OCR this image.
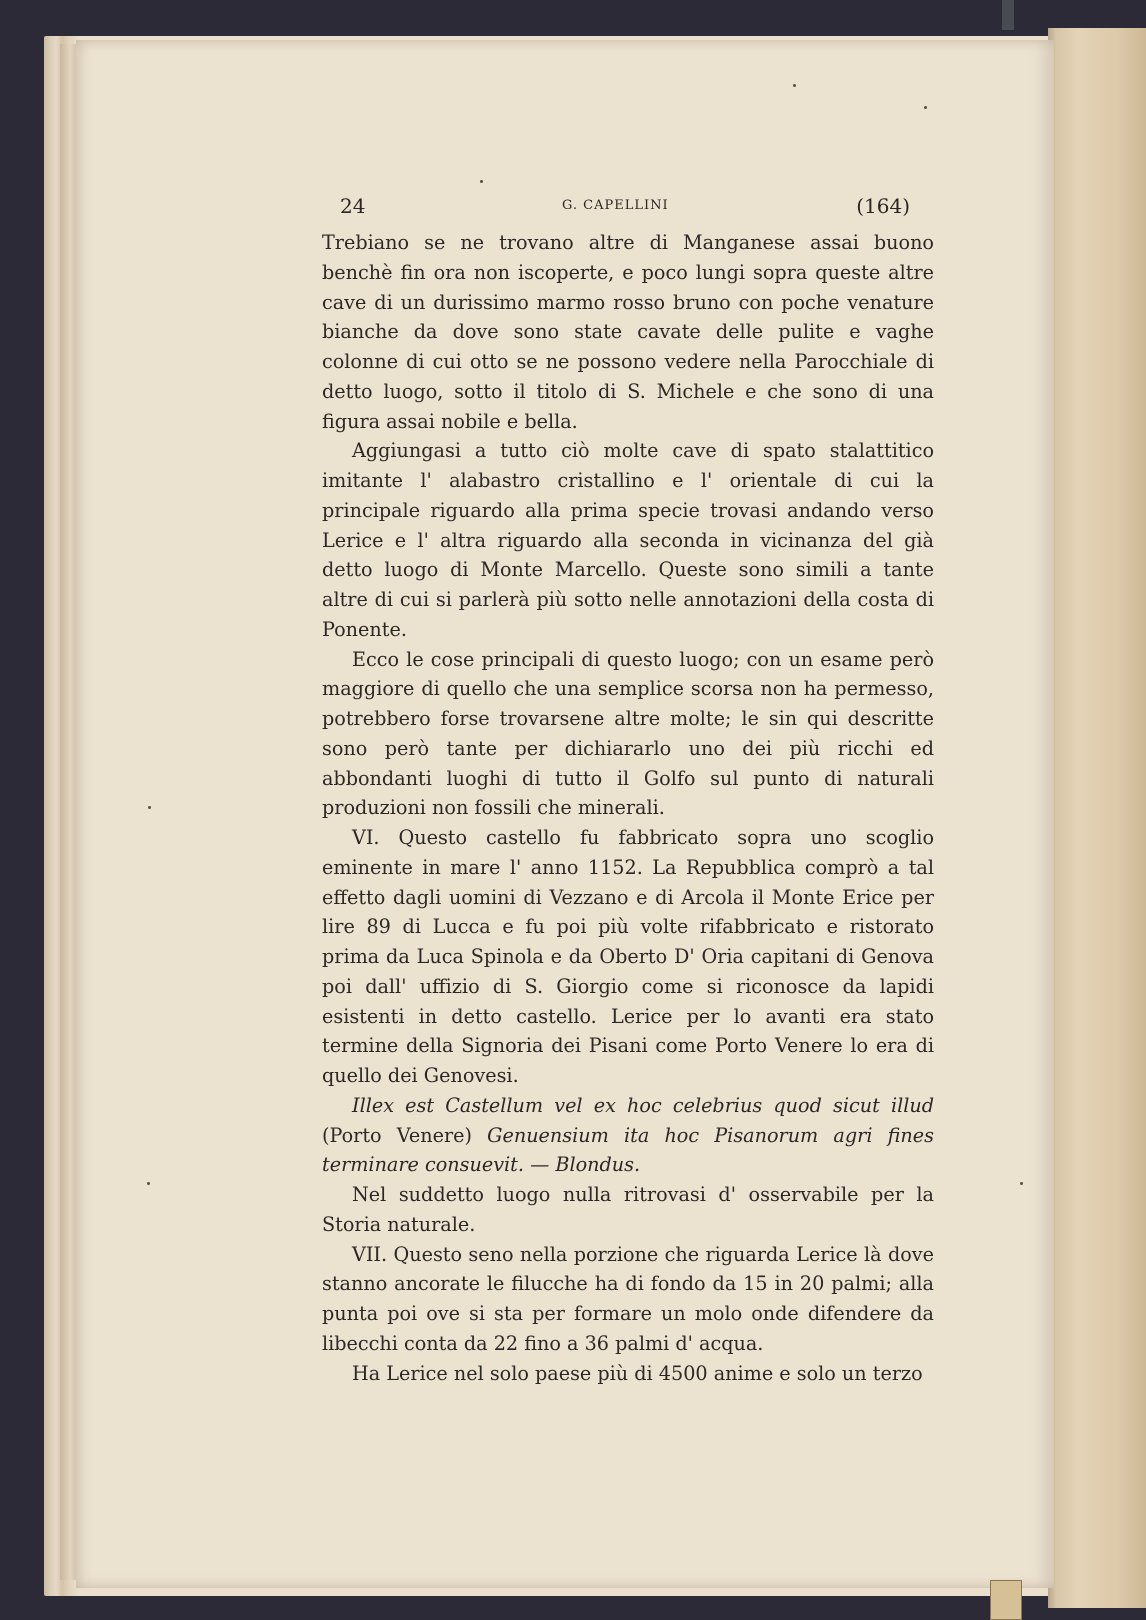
24	G. CAPELLINI	(164)

Trebiano se ne trovano altre di Manganese assai buono benchè fin ora non iscoperte, e poco lungi sopra queste altre cave di un durissimo marmo rosso bruno con poche venature bianche da dove sono state cavate delle pulite e vaghe colonne di cui otto se ne possono vedere nella Parocchiale di detto luogo, sotto il titolo di S. Michele e che sono di una figura assai nobile e bella.

Aggiungasi a tutto ciò molte cave di spato stalattitico imitante l' alabastro cristallino e l' orientale di cui la principale riguardo alla prima specie trovasi andando verso Lerice e l' altra riguardo alla seconda in vicinanza del già detto luogo di Monte Marcello. Queste sono simili a tante altre di cui si parlerà più sotto nelle annotazioni della costa di Ponente.

Ecco le cose principali di questo luogo; con un esame però maggiore di quello che una semplice scorsa non ha permesso, potrebbero forse trovarsene altre molte; le sin qui descritte sono però tante per dichiararlo uno dei più ricchi ed abbondanti luoghi di tutto il Golfo sul punto di naturali produzioni non fossili che minerali.

VI. Questo castello fu fabbricato sopra uno scoglio eminente in mare l' anno 1152. La Repubblica comprò a tal effetto dagli uomini di Vezzano e di Arcola il Monte Erice per lire 89 di Lucca e fu poi più volte rifabbricato e ristorato prima da Luca Spinola e da Oberto D' Oria capitani di Genova poi dall' uffizio di S. Giorgio come si riconosce da lapidi esistenti in detto castello. Lerice per lo avanti era stato termine della Signoria dei Pisani come Porto Venere lo era di quello dei Genovesi.

Illex est Castellum vel ex hoc celebrius quod sicut illud (Porto Venere) Genuensium ita hoc Pisanorum agri fines terminare consuevit. — Blondus.

Nel suddetto luogo nulla ritrovasi d' osservabile per la Storia naturale.

VII. Questo seno nella porzione che riguarda Lerice là dove stanno ancorate le filucche ha di fondo da 15 in 20 palmi; alla punta poi ove si sta per formare un molo onde difendere da libecchi conta da 22 fino a 36 palmi d' acqua.

Ha Lerice nel solo paese più di 4500 anime e solo un terzo
